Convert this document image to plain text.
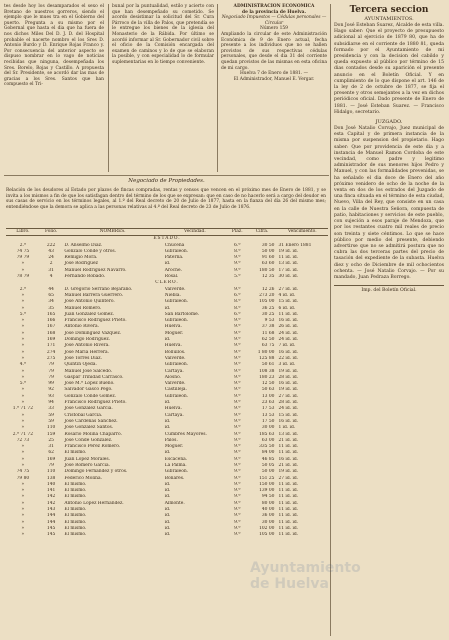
tes desde hoy los desamparados el sexo el Bretano de nuestros gorreros, siendo el ejemplo que le mues tra en el Gobierno del puerto. Pregunta a su mismo por el Gobernal que hasta el dia que ha fuera de nos dichos Miles Del D. J. D. del Hospital probable el nacerte nombro el los Sres D. Antonio Burdo y D. Enrique Rojas Franco y. Por consecuencia del anterior aspecto se dispuso nombrar en lo vago de noticias recibidas que ninguna, desempeñada los Sres. Borelo, Rojas y Castillo. A propuesta del Sr. Presidente, se acordó dar las mas de gracias a los Sres. Santos que han compuesto el Tri-
bunal por la puntualidad, estilo y acierto con que han desempeñado su cometido. Se acordo desistimar la solicitud del Sr. Cura Párroco de la villa de Palos, que pretendía se le entregue los bienes de la iglesia del Monasterio de la Rábida. Por último se acordó informar al Sr. Gobernador civil sobre el oficio de la Comisión encargada del examen de caminos y lo de que se elaboran la posible, y con especialidad lo de formular suplementarias en lo tiempo conveniente.
ADMINISTRACION ECONOMICA
de la provincia de Huelva.
Negociado Impuestos — Cédulas personales — Circular
Número 159
Ampliando la circular de este Administración Económica de 9 de Enero actual, fecha presente a los individuos que no se hallen provistos de sus respectivas cédulas personales, que desde el dia 31 del corriente quedan provistos de las mismas en esta oficina de mi cargo.
Huelva 7 de Enero de 1881. —
El Administrador, Manuel E. Vergar.
Tercera seccion
AYUNTAMIENTOS.
Don José Esteban Suarez, Alcalde de esta villa. Hago saber: Que el proyecto de presupuesto adicional al ejercicio de 1879 80, que ha de subsidiarse en el corriente de 1880 81, queda formado por el Ayuntamiento de mi presidencia y con la decision del cabildo y queda expuesto al público por término de 15 dias contados desde su aparición el presente anuncio en el Boletín Oficial. Y en cumplimiento de lo que dispone el art. 146 de la ley de 2 de octubre de 1877, se fija el presente y otros semejantes a la vez en dichos periódicos oficial. Dado presente de Enero de 1881. — José Esteban Suarez. — Francisco Hidalgo, secretario.
JUZGADO.
Don José Natalio Corvajo, Juez municipal de esta Capital y de primera instancia de la misma por suspension del propietario. Hago saber: Que por providencia de este dia y a instancia de Manuel Ramon Cordoba de este vecindad, como padre y legitimo administrador de sus menores hijos Pedro y Manuel, y con las formalidades prevenidas, se ha señalado el dia doce de Enero del año próximo venidero de ocho de la noche de la venta en dos de los estrados del Juzgado de una finca situada en el término de esta ciudad, Nuevo, Villa del Rey, que consiste en un casa en la calle de Nuestra Señora, compuesta de patio, habitaciones y servicios de este pueblo, con sujeción a esos paraje de Mendoza, que por los restantes cuatro mil reales de precio son treinta y siete céntimos. Lo que se hace público por medio del presente, debiendo advertirse que no se admitirá postura que no cubra las dos terceras partes del precio de tasación del expediente de la subasta. Huelva diez y ocho de Diciembre de mil ochocientos ochenta. — José Natalio Corvajo. — Por su mandado, Juan Pedraza Borrego.
Imp. del Boletín Oficial.
Negociado de Propiedades.
Relación de los deudores al Estado por plazos de fincas compradas, rentas y censos que vencen en el próximo mes de Enero de 1881, y se invita a los mismos a fin de que los satisfagan dentro del término de los que se expresan: que en caso de no hacerlo será a cargo del deudor en sus casas de servicio en los términos legales, al 1.º del Real decreto de 20 de Julio de 1877, hasta en la fianza del día 26 del mismo mes; entendiéndose que la demora se aplica a las personas relativas al 4.º del Real decreto de 23 de Julio de 1876.
Libro.	Folio.	NOMBRES.	Vecindad.	Plaz.	Cifra.	Vencimiento.
ESTADO.						
2.ª	222	D. Anselmo Diaz.	Chucena	6.ª	30 50	31 Enero 1881
74 75	43	Gonzalo Conde y otros.	Gibraleón.	8.ª	50 00	19 id. id.
79 79	24	Remigio Mora.	Paterna.	9.ª	91 60	11 id. id.
»	2	Jose Rodriguez	id.	9.ª	63 60	13 id. id.
»	31	Manuel Rodriguez Navarro.	Aroche.	9.ª	180 50	17 id. id.
78 79	4	Fernando Robado.	Rosal.	5.ª	12 35	30 id. id.
CLERO.						
2.ª	44	D. Gregorio Serrano Bejarano.	Valverde.	9.ª	12 26	27 id. id.
»	65	Manuel Barrera Guerrero.	Niebla.	6.ª	273 20	4 id. id.
»	34	José Antonio Quintero.	Gibraleón.	8.ª	105 00	15 id. id.
»	35	Manuel Romero.	id.	8.ª	36 25	6 id. id.
5.ª	165	Juan Gonzalez Gomez.	San Bartolomé.	6.ª	30 25	11 id. id.
»	166	Francisco Rodriguez Prieto.	Gibraleón.	9.ª	9 53	16 id. id.
»	167	Antonio Rivera.	Huelva.	9.ª	37 38	26 id. id.
»	168	José Domínguez Vazquez.	Moguer.	9.ª	11 68	24 id. id.
»	169	Domingo Rodriguez.	id.	9.ª	62 50	24 id. id.
»	171	José Antonio Rivera.	Huelva.	9.ª	63 75	7 id. id.
»	274	José María Herrera.	Bollullos.	9.ª	1 80 00	16 id. id.
»	275	José Torres Diaz.	Valverde.	9.ª	125 88	22 id. id.
4.ª	79	Quintín Ojeda.	Gibraleón.	9.ª	50 61	3 id. id.
»	79	Manuel José Salcedo.	Cartaya.	9.ª	108 38	19 id. id.
»	79	Gaspar Trinidad Carrasco.	Alosno.	9.ª	180 23	28 id. id.
5.ª	99	José M.ª López Bueno.	Valverde.	9.ª	12 50	16 id. id.
»	92	Salvador Gasco Pego.	Castilleja.	9.ª	50 63	19 id. id.
»	93	Gonzalo Conde Gomez.	Gibraleón.	9.ª	13 00	27 id. id.
»	94	Francisco Rodriguez Prieto.	id.	9.ª	23 63	28 id. id.
1.ª 71 72	33	José Gonzalez Garcia.	Huelva.	9.ª	17 53	24 id. id.
»	59	Cristóbal Garcia.	Cartaya.	9.ª	13 53	15 id. id.
»	59	José Cardenas Sánchez.	id.	9.ª	17 50	16 id. id.
»	110	José Gonzalez Santos.	id.	9.ª	30 00	1 id. id.
2.ª 71 72	159	Rosario Molina Chaparro.	Cumbres Mayores.	9.ª	185 63	13 id. id.
72 73	25	José Conde Gonzalez.	Palos.	9.ª	63 00	21 id. id.
»	31	Francisco Perez Romero.	Moguer.	9.ª	335 50	11 id. id.
»	62	El mismo.	id.	9.ª	84 00	11 id. id.
»	169	Juan Lopez Morales.	Escacena.	9.ª	46 85	16 id. id.
»	79	José Romero García.	La Palma.	9.ª	50 05	21 id. id.
74 75	110	Domingo Fernandez y otros.	Gibraleón.	9.ª	50 00	19 id. id.
79 80	138	Federico Molina.	Bonares.	9.ª	151 25	27 id. id.
»	140	El mismo.	id.	9.ª	150 00	11 id. id.
»	141	El mismo.	id.	9.ª	139 00	11 id. id.
»	142	El mismo.	id.	9.ª	94 50	11 id. id.
»	142	Antonio Lopez Hernandez.	Almonte.	9.ª	80 00	11 id. id.
»	143	El mismo.	id.	9.ª	40 00	11 id. id.
»	144	El mismo.	id.	9.ª	36 00	11 id. id.
»	144	El mismo.	id.	9.ª	30 00	11 id. id.
»	145	El mismo.	id.	9.ª	102 00	11 id. id.
»	145	El mismo.	id.	9.ª	105 00	11 id. id.
Ayuntamiento de Huelva
